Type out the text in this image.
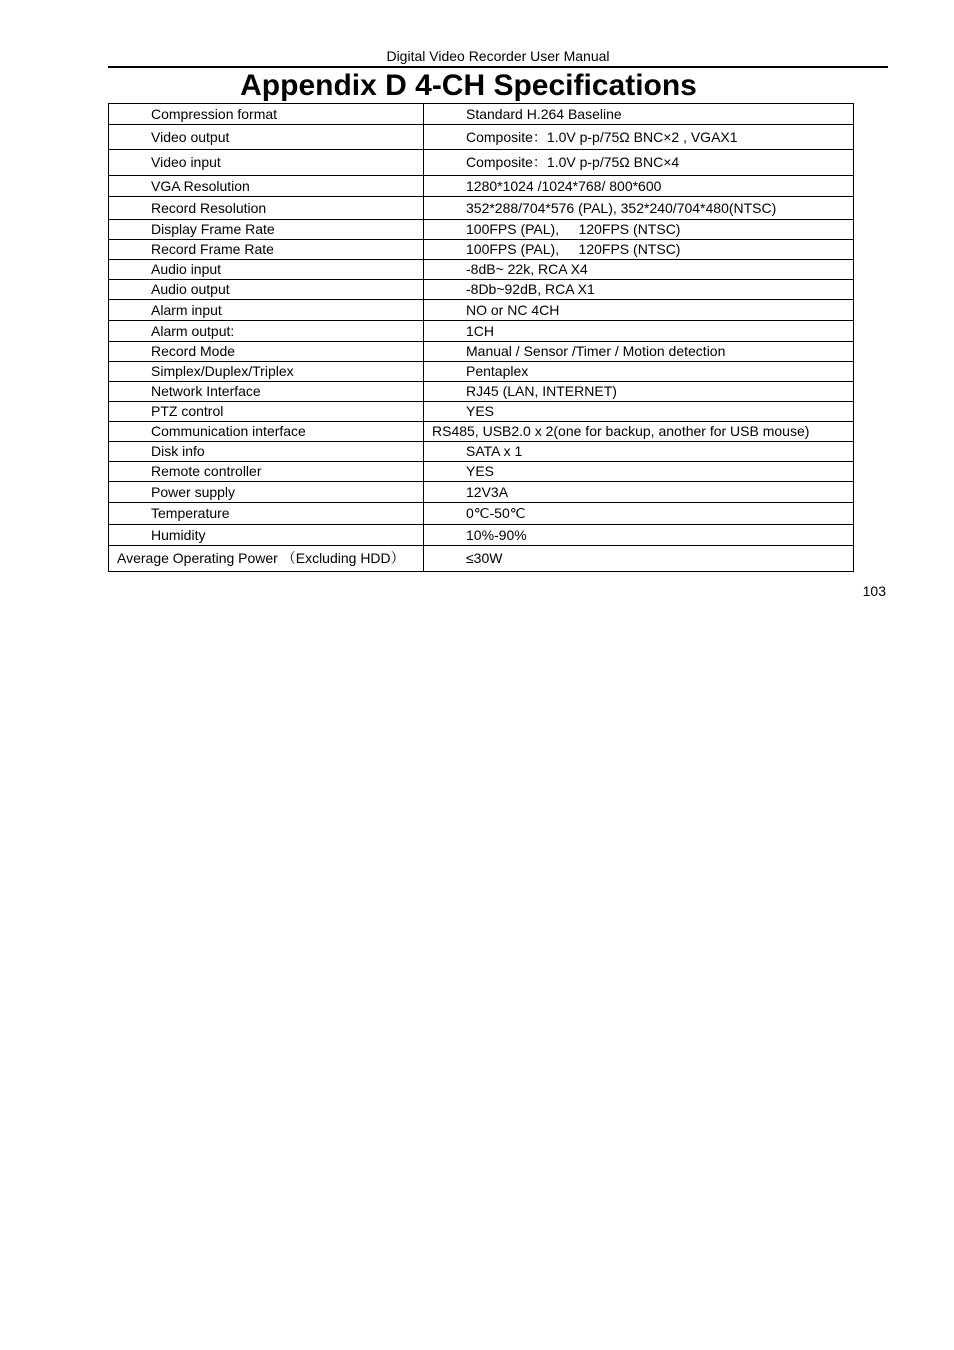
Digital Video Recorder User Manual
Appendix D 4-CH Specifications
Compression format	Standard H.264 Baseline
Video output	Composite：1.0V p-p/75Ω BNC×2 , VGAX1
Video input	Composite：1.0V p-p/75Ω BNC×4
VGA Resolution	1280*1024 /1024*768/ 800*600
Record Resolution	352*288/704*576 (PAL), 352*240/704*480(NTSC)
Display Frame Rate	100FPS (PAL),     120FPS (NTSC)
Record Frame Rate	100FPS (PAL),     120FPS (NTSC)
Audio input	-8dB~ 22k, RCA X4
Audio output	-8Db~92dB, RCA X1
Alarm input	NO or NC 4CH
Alarm output:	1CH
Record Mode	Manual / Sensor /Timer / Motion detection
Simplex/Duplex/Triplex	Pentaplex
Network Interface	RJ45 (LAN, INTERNET)
PTZ control	YES
Communication interface	RS485, USB2.0 x 2(one for backup, another for USB mouse)
Disk info	SATA x 1
Remote controller	YES
Power supply	12V3A
Temperature	0℃-50℃
Humidity	10%-90%
Average Operating Power （Excluding HDD）	≤30W
103
